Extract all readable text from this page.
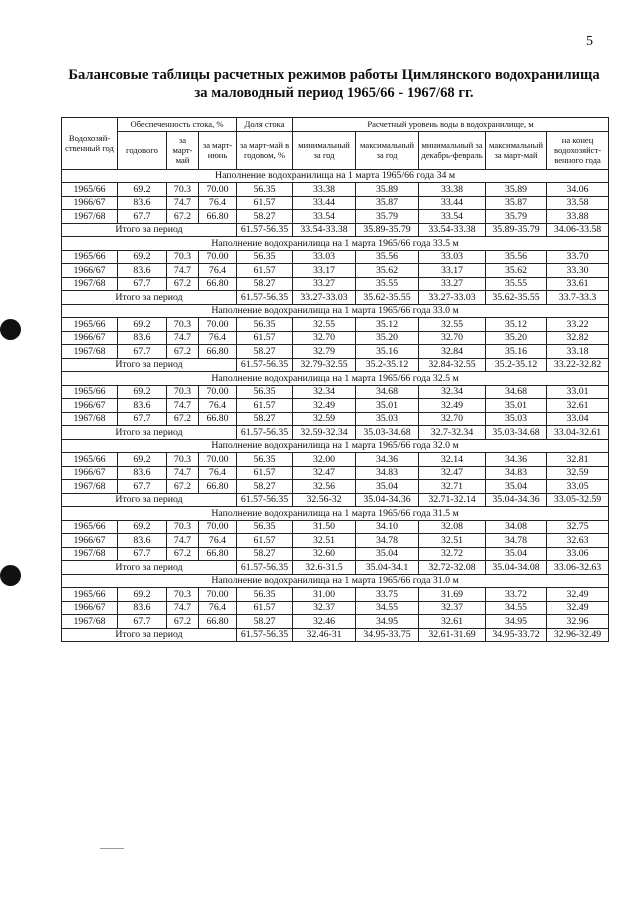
5
Балансовые таблицы расчетных режимов работы Цимлянского водохранилища
за маловодный период 1965/66 - 1967/68 гг.
Водохозяй-ственный год	Обеспеченность стока, %			Доля стока	Расчетный уровень воды в водохранилище, м				
	годового	за март-май	за март-июнь	за март-май в годовом, %	минимальный за год	максимальный за год	минимальный за декабрь-февраль	максимальный за март-май	на конец водохозяйст-венного года
Наполнение водохранилища на 1 марта 1965/66 года 34 м									
1965/66	69.2	70.3	70.00	56.35	33.38	35.89	33.38	35.89	34.06
1966/67	83.6	74.7	76.4	61.57	33.44	35.87	33.44	35.87	33.58
1967/68	67.7	67.2	66.80	58.27	33.54	35.79	33.54	35.79	33.88
Итого за период				61.57-56.35	33.54-33.38	35.89-35.79	33.54-33.38	35.89-35.79	34.06-33.58
Наполнение водохранилища на 1 марта 1965/66 года 33.5 м									
1965/66	69.2	70.3	70.00	56.35	33.03	35.56	33.03	35.56	33.70
1966/67	83.6	74.7	76.4	61.57	33.17	35.62	33.17	35.62	33.30
1967/68	67.7	67.2	66.80	58.27	33.27	35.55	33.27	35.55	33.61
Итого за период				61.57-56.35	33.27-33.03	35.62-35.55	33.27-33.03	35.62-35.55	33.7-33.3
Наполнение водохранилища на 1 марта 1965/66 года 33.0 м									
1965/66	69.2	70.3	70.00	56.35	32.55	35.12	32.55	35.12	33.22
1966/67	83.6	74.7	76.4	61.57	32.70	35.20	32.70	35.20	32.82
1967/68	67.7	67.2	66.80	58.27	32.79	35.16	32.84	35.16	33.18
Итого за период				61.57-56.35	32.79-32.55	35.2-35.12	32.84-32.55	35.2-35.12	33.22-32.82
Наполнение водохранилища на 1 марта 1965/66 года 32.5 м									
1965/66	69.2	70.3	70.00	56.35	32.34	34.68	32.34	34.68	33.01
1966/67	83.6	74.7	76.4	61.57	32.49	35.01	32.49	35.01	32.61
1967/68	67.7	67.2	66.80	58.27	32.59	35.03	32.70	35.03	33.04
Итого за период				61.57-56.35	32.59-32.34	35.03-34.68	32.7-32.34	35.03-34.68	33.04-32.61
Наполнение водохранилища на 1 марта 1965/66 года 32.0 м									
1965/66	69.2	70.3	70.00	56.35	32.00	34.36	32.14	34.36	32.81
1966/67	83.6	74.7	76.4	61.57	32.47	34.83	32.47	34.83	32.59
1967/68	67.7	67.2	66.80	58.27	32.56	35.04	32.71	35.04	33.05
Итого за период				61.57-56.35	32.56-32	35.04-34.36	32.71-32.14	35.04-34.36	33.05-32.59
Наполнение водохранилища на 1 марта 1965/66 года 31.5 м									
1965/66	69.2	70.3	70.00	56.35	31.50	34.10	32.08	34.08	32.75
1966/67	83.6	74.7	76.4	61.57	32.51	34.78	32.51	34.78	32.63
1967/68	67.7	67.2	66.80	58.27	32.60	35.04	32.72	35.04	33.06
Итого за период				61.57-56.35	32.6-31.5	35.04-34.1	32.72-32.08	35.04-34.08	33.06-32.63
Наполнение водохранилища на 1 марта 1965/66 года 31.0 м									
1965/66	69.2	70.3	70.00	56.35	31.00	33.75	31.69	33.72	32.49
1966/67	83.6	74.7	76.4	61.57	32.37	34.55	32.37	34.55	32.49
1967/68	67.7	67.2	66.80	58.27	32.46	34.95	32.61	34.95	32.96
Итого за период				61.57-56.35	32.46-31	34.95-33.75	32.61-31.69	34.95-33.72	32.96-32.49
